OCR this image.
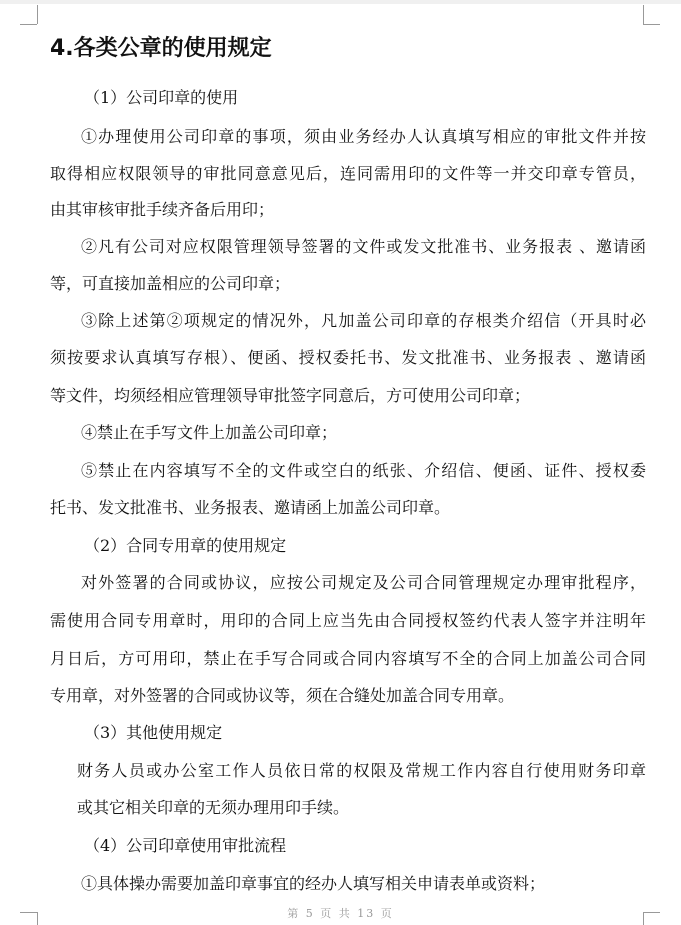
4.各类公章的使用规定
（1）公司印章的使用
①办理使用公司印章的事项，须由业务经办人认真填写相应的审批文件并按
取得相应权限领导的审批同意意见后，连同需用印的文件等一并交印章专管员，
由其审核审批手续齐备后用印；
②凡有公司对应权限管理领导签署的文件或发文批准书、业务报表 、邀请函
等，可直接加盖相应的公司印章；
③除上述第②项规定的情况外，凡加盖公司印章的存根类介绍信（开具时必
须按要求认真填写存根）、便函、授权委托书、发文批准书、业务报表 、邀请函
等文件，均须经相应管理领导审批签字同意后，方可使用公司印章；
④禁止在手写文件上加盖公司印章；
⑤禁止在内容填写不全的文件或空白的纸张、介绍信、便函、证件、授权委
托书、发文批准书、业务报表、邀请函上加盖公司印章。
（2）合同专用章的使用规定
对外签署的合同或协议，应按公司规定及公司合同管理规定办理审批程序，
需使用合同专用章时，用印的合同上应当先由合同授权签约代表人签字并注明年
月日后，方可用印，禁止在手写合同或合同内容填写不全的合同上加盖公司合同
专用章，对外签署的合同或协议等，须在合缝处加盖合同专用章。
（3）其他使用规定
财务人员或办公室工作人员依日常的权限及常规工作内容自行使用财务印章
或其它相关印章的无须办理用印手续。
（4）公司印章使用审批流程
①具体操办需要加盖印章事宜的经办人填写相关申请表单或资料；
第 5 页 共 13 页
